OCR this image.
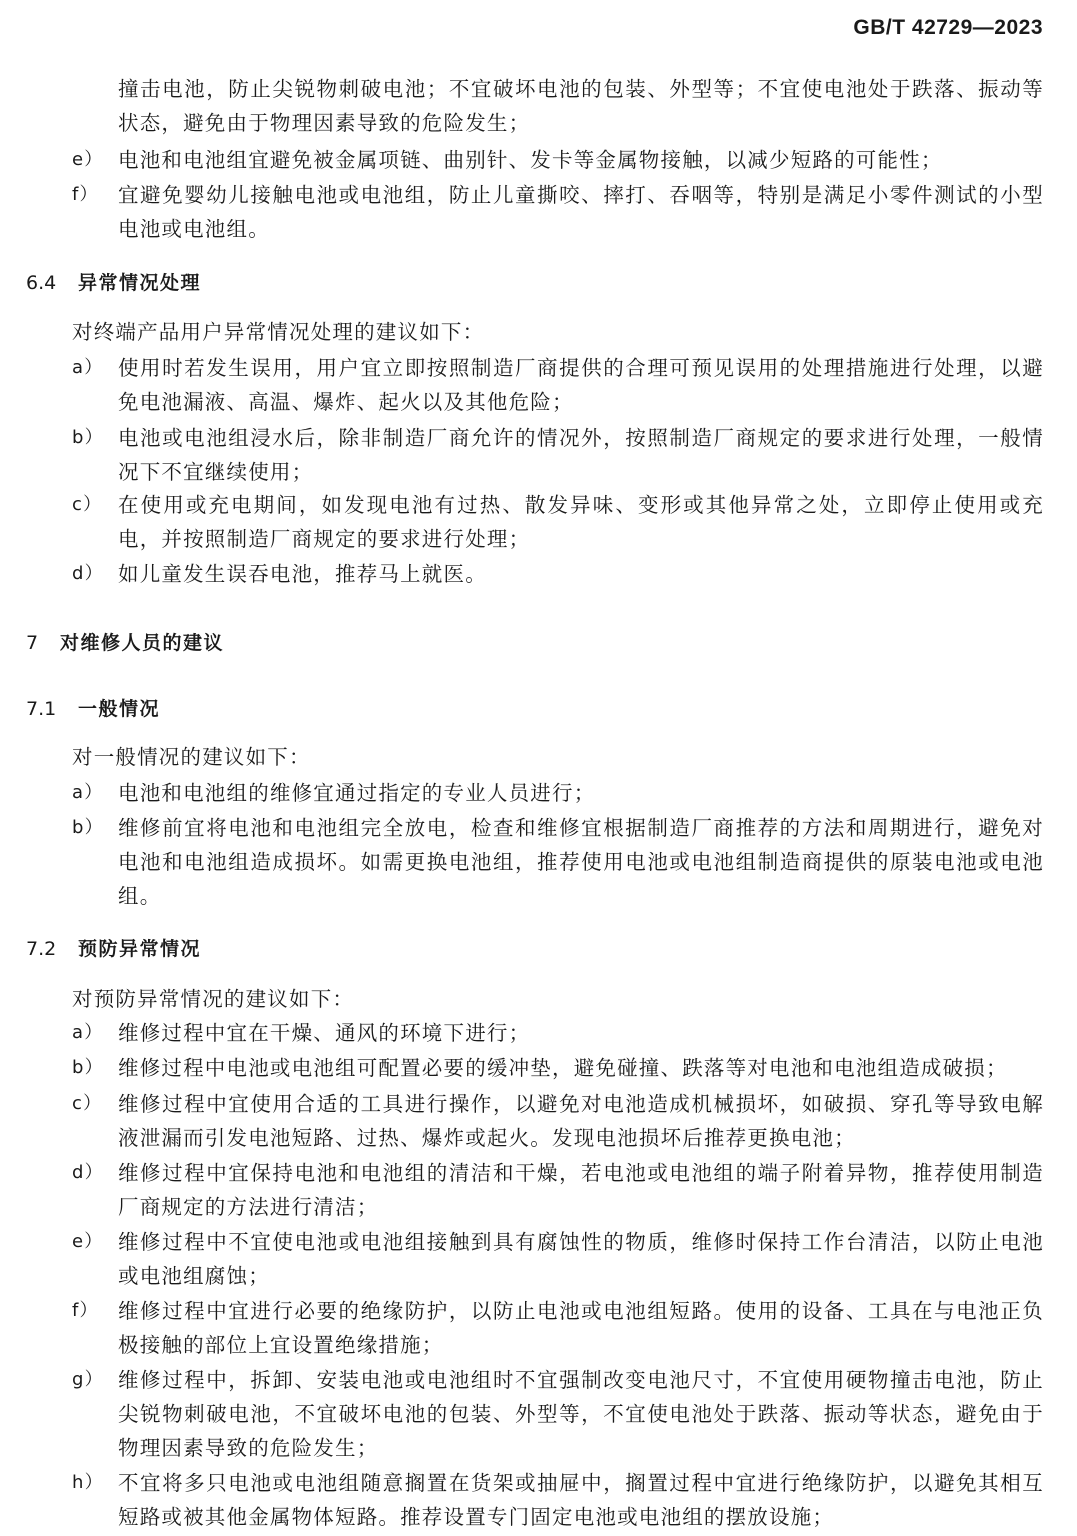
GB/T 42729—2023
撞击电池，防止尖锐物刺破电池；不宜破坏电池的包装、外型等；不宜使电池处于跌落、振动等状态，避免由于物理因素导致的危险发生；
e） 电池和电池组宜避免被金属项链、曲别针、发卡等金属物接触，以减少短路的可能性；
f） 宜避免婴幼儿接触电池或电池组，防止儿童撕咬、摔打、吞咽等，特别是满足小零件测试的小型电池或电池组。
6.4 异常情况处理
对终端产品用户异常情况处理的建议如下：
a） 使用时若发生误用，用户宜立即按照制造厂商提供的合理可预见误用的处理措施进行处理，以避免电池漏液、高温、爆炸、起火以及其他危险；
b） 电池或电池组浸水后，除非制造厂商允许的情况外，按照制造厂商规定的要求进行处理，一般情况下不宜继续使用；
c） 在使用或充电期间，如发现电池有过热、散发异味、变形或其他异常之处，立即停止使用或充电，并按照制造厂商规定的要求进行处理；
d） 如儿童发生误吞电池，推荐马上就医。
7 对维修人员的建议
7.1 一般情况
对一般情况的建议如下：
a） 电池和电池组的维修宜通过指定的专业人员进行；
b） 维修前宜将电池和电池组完全放电，检查和维修宜根据制造厂商推荐的方法和周期进行，避免对电池和电池组造成损坏。如需更换电池组，推荐使用电池或电池组制造商提供的原装电池或电池组。
7.2 预防异常情况
对预防异常情况的建议如下：
a） 维修过程中宜在干燥、通风的环境下进行；
b） 维修过程中电池或电池组可配置必要的缓冲垫，避免碰撞、跌落等对电池和电池组造成破损；
c） 维修过程中宜使用合适的工具进行操作，以避免对电池造成机械损坏，如破损、穿孔等导致电解液泄漏而引发电池短路、过热、爆炸或起火。发现电池损坏后推荐更换电池；
d） 维修过程中宜保持电池和电池组的清洁和干燥，若电池或电池组的端子附着异物，推荐使用制造厂商规定的方法进行清洁；
e） 维修过程中不宜使电池或电池组接触到具有腐蚀性的物质，维修时保持工作台清洁，以防止电池或电池组腐蚀；
f） 维修过程中宜进行必要的绝缘防护，以防止电池或电池组短路。使用的设备、工具在与电池正负极接触的部位上宜设置绝缘措施；
g） 维修过程中，拆卸、安装电池或电池组时不宜强制改变电池尺寸，不宜使用硬物撞击电池，防止尖锐物刺破电池，不宜破坏电池的包装、外型等，不宜使电池处于跌落、振动等状态，避免由于物理因素导致的危险发生；
h） 不宜将多只电池或电池组随意搁置在货架或抽屉中，搁置过程中宜进行绝缘防护，以避免其相互短路或被其他金属物体短路。推荐设置专门固定电池或电池组的摆放设施；
